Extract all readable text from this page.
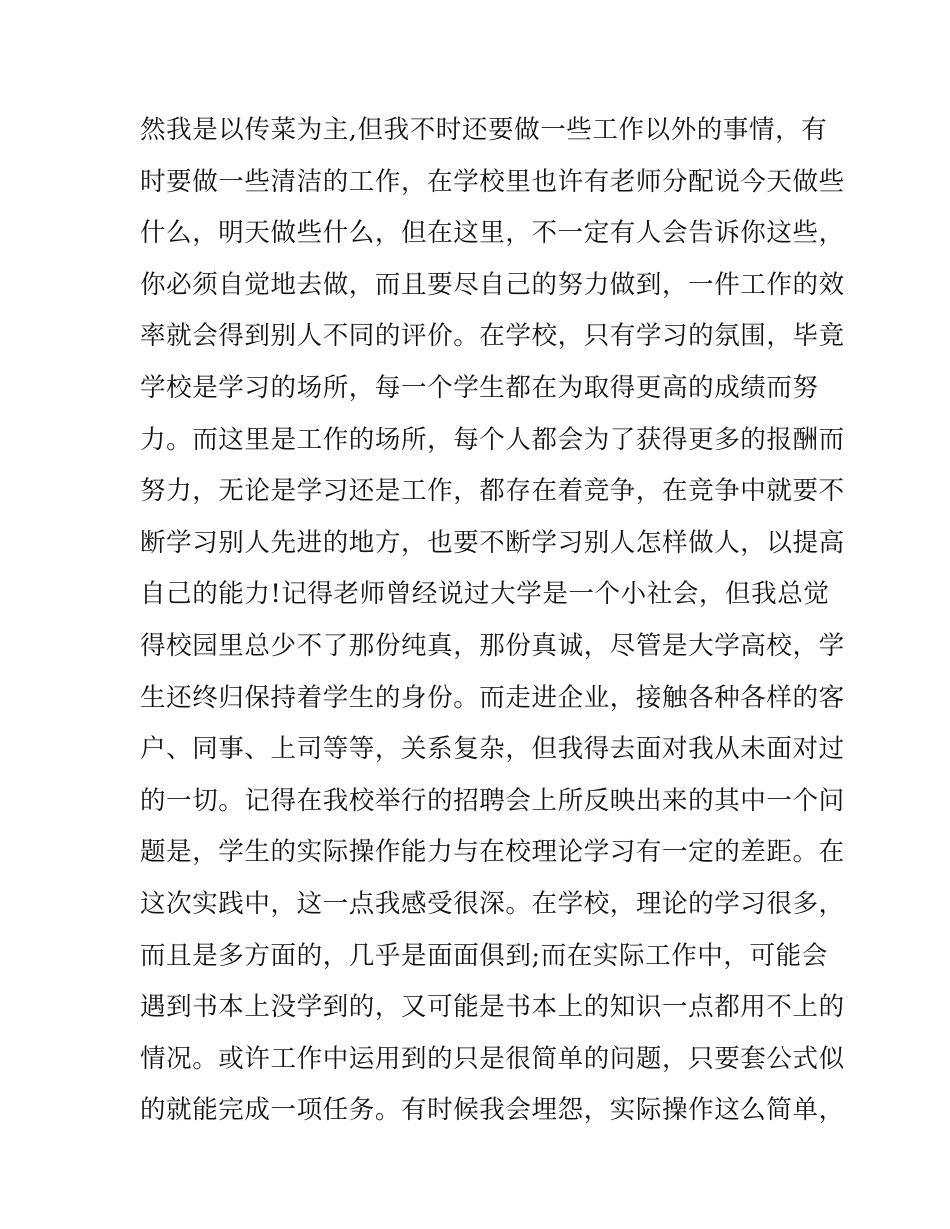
然我是以传菜为主,但我不时还要做一些工作以外的事情，有
时要做一些清洁的工作，在学校里也许有老师分配说今天做些
什么，明天做些什么，但在这里，不一定有人会告诉你这些，
你必须自觉地去做，而且要尽自己的努力做到，一件工作的效
率就会得到别人不同的评价。在学校，只有学习的氛围，毕竟
学校是学习的场所，每一个学生都在为取得更高的成绩而努
力。而这里是工作的场所，每个人都会为了获得更多的报酬而
努力，无论是学习还是工作，都存在着竞争，在竞争中就要不
断学习别人先进的地方，也要不断学习别人怎样做人，以提高
自己的能力!记得老师曾经说过大学是一个小社会，但我总觉
得校园里总少不了那份纯真，那份真诚，尽管是大学高校，学
生还终归保持着学生的身份。而走进企业，接触各种各样的客
户、同事、上司等等，关系复杂，但我得去面对我从未面对过
的一切。记得在我校举行的招聘会上所反映出来的其中一个问
题是，学生的实际操作能力与在校理论学习有一定的差距。在
这次实践中，这一点我感受很深。在学校，理论的学习很多，
而且是多方面的，几乎是面面俱到;而在实际工作中，可能会
遇到书本上没学到的，又可能是书本上的知识一点都用不上的
情况。或许工作中运用到的只是很简单的问题，只要套公式似
的就能完成一项任务。有时候我会埋怨，实际操作这么简单，
